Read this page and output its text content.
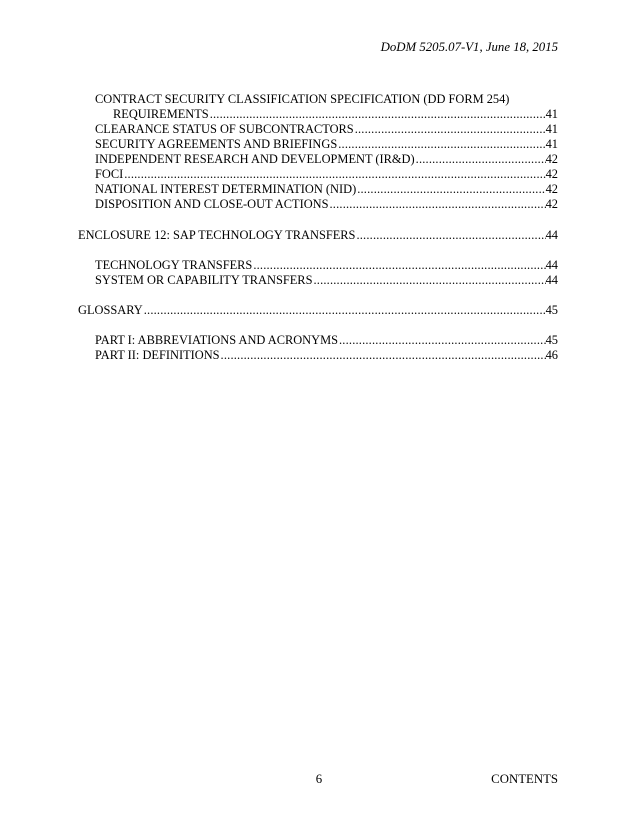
DoDM 5205.07-V1, June 18, 2015
CONTRACT SECURITY CLASSIFICATION SPECIFICATION (DD FORM 254)
REQUIREMENTS .....	41
CLEARANCE STATUS OF SUBCONTRACTORS .....	41
SECURITY AGREEMENTS AND BRIEFINGS .....	41
INDEPENDENT RESEARCH AND DEVELOPMENT (IR&D) .....	42
FOCI .....	42
NATIONAL INTEREST DETERMINATION (NID) .....	42
DISPOSITION AND CLOSE-OUT ACTIONS .....	42
ENCLOSURE 12: SAP TECHNOLOGY TRANSFERS .....	44
TECHNOLOGY TRANSFERS .....	44
SYSTEM OR CAPABILITY TRANSFERS .....	44
GLOSSARY .....	45
PART I: ABBREVIATIONS AND ACRONYMS .....	45
PART II: DEFINITIONS .....	46
6	CONTENTS
